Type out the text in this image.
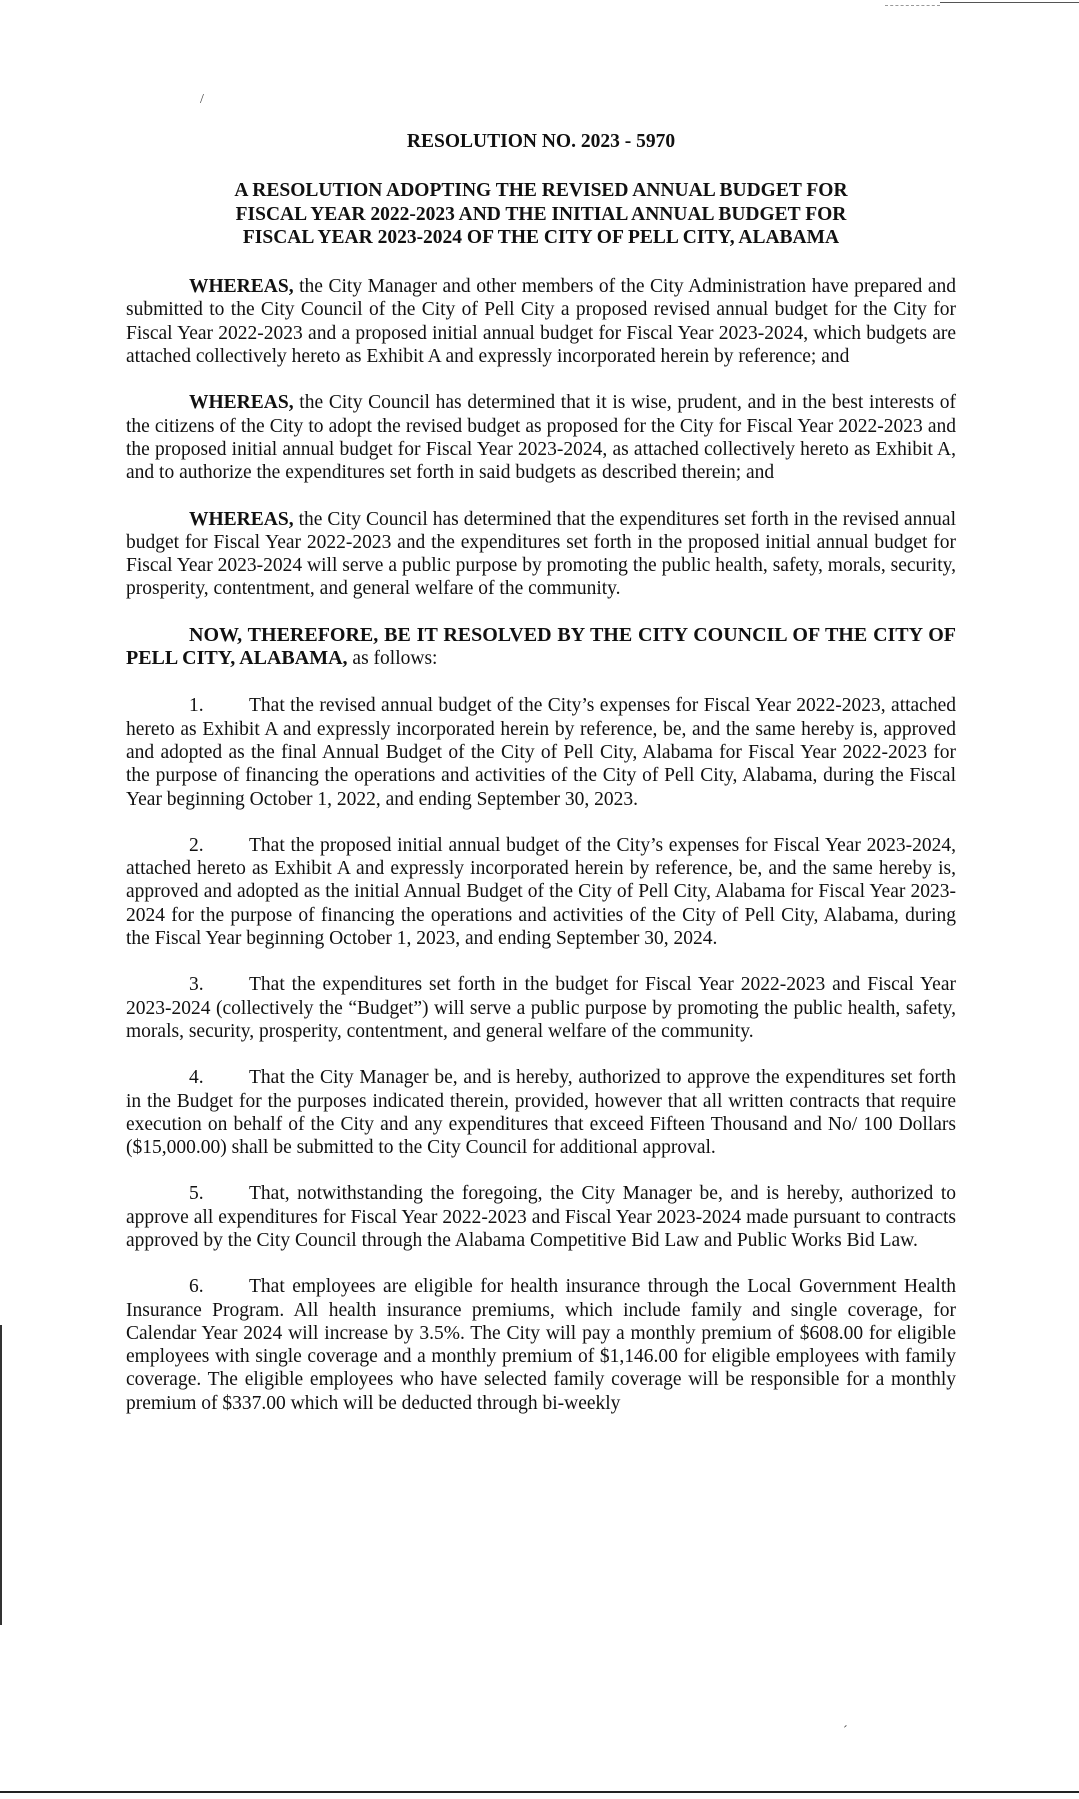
/
ˊ
RESOLUTION NO. 2023 - 5970
A RESOLUTION ADOPTING THE REVISED ANNUAL BUDGET FOR
FISCAL YEAR 2022-2023 AND THE INITIAL ANNUAL BUDGET FOR
FISCAL YEAR 2023-2024 OF THE CITY OF PELL CITY, ALABAMA

WHEREAS, the City Manager and other members of the City Administration have prepared and submitted to the City Council of the City of Pell City a proposed revised annual budget for the City for Fiscal Year 2022-2023 and a proposed initial annual budget for Fiscal Year 2023-2024, which budgets are attached collectively hereto as Exhibit A and expressly incorporated herein by reference; and

WHEREAS, the City Council has determined that it is wise, prudent, and in the best interests of the citizens of the City to adopt the revised budget as proposed for the City for Fiscal Year 2022-2023 and the proposed initial annual budget for Fiscal Year 2023-2024, as attached collectively hereto as Exhibit A, and to authorize the expenditures set forth in said budgets as described therein; and

WHEREAS, the City Council has determined that the expenditures set forth in the revised annual budget for Fiscal Year 2022-2023 and the expenditures set forth in the proposed initial annual budget for Fiscal Year 2023-2024 will serve a public purpose by promoting the public health, safety, morals, security, prosperity, contentment, and general welfare of the community.

NOW, THEREFORE, BE IT RESOLVED BY THE CITY COUNCIL OF THE CITY OF PELL CITY, ALABAMA, as follows:

1. That the revised annual budget of the City’s expenses for Fiscal Year 2022-2023, attached hereto as Exhibit A and expressly incorporated herein by reference, be, and the same hereby is, approved and adopted as the final Annual Budget of the City of Pell City, Alabama for Fiscal Year 2022-2023 for the purpose of financing the operations and activities of the City of Pell City, Alabama, during the Fiscal Year beginning October 1, 2022, and ending September 30, 2023.

2. That the proposed initial annual budget of the City’s expenses for Fiscal Year 2023-2024, attached hereto as Exhibit A and expressly incorporated herein by reference, be, and the same hereby is, approved and adopted as the initial Annual Budget of the City of Pell City, Alabama for Fiscal Year 2023-2024 for the purpose of financing the operations and activities of the City of Pell City, Alabama, during the Fiscal Year beginning October 1, 2023, and ending September 30, 2024.

3. That the expenditures set forth in the budget for Fiscal Year 2022-2023 and Fiscal Year 2023-2024 (collectively the “Budget”) will serve a public purpose by promoting the public health, safety, morals, security, prosperity, contentment, and general welfare of the community.

4. That the City Manager be, and is hereby, authorized to approve the expenditures set forth in the Budget for the purposes indicated therein, provided, however that all written contracts that require execution on behalf of the City and any expenditures that exceed Fifteen Thousand and No/ 100 Dollars ($15,000.00) shall be submitted to the City Council for additional approval.

5. That, notwithstanding the foregoing, the City Manager be, and is hereby, authorized to approve all expenditures for Fiscal Year 2022-2023 and Fiscal Year 2023-2024 made pursuant to contracts approved by the City Council through the Alabama Competitive Bid Law and Public Works Bid Law.

6. That employees are eligible for health insurance through the Local Government Health Insurance Program. All health insurance premiums, which include family and single coverage, for Calendar Year 2024 will increase by 3.5%. The City will pay a monthly premium of $608.00 for eligible employees with single coverage and a monthly premium of $1,146.00 for eligible employees with family coverage. The eligible employees who have selected family coverage will be responsible for a monthly premium of $337.00 which will be deducted through bi-weekly
